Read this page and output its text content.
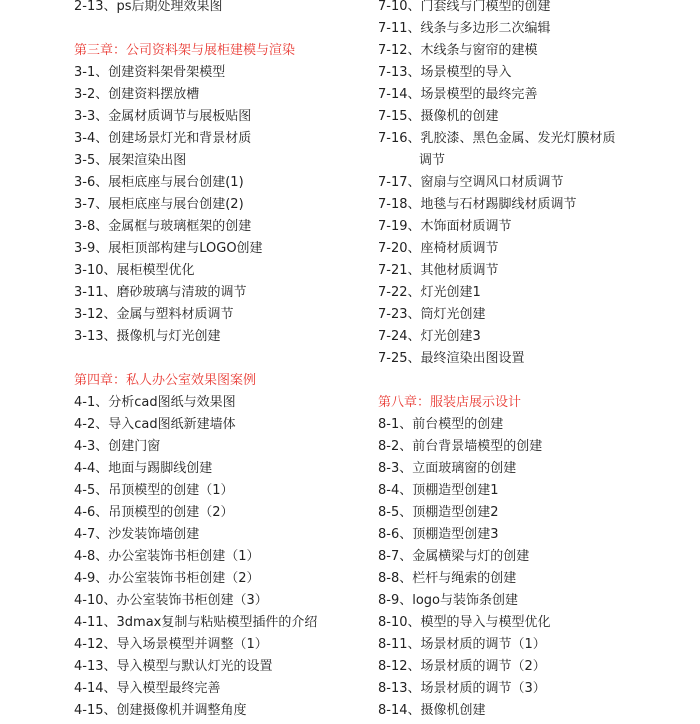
2-13、ps后期处理效果图
第三章：公司资料架与展柜建模与渲染
3-1、创建资料架骨架模型
3-2、创建资料摆放槽
3-3、金属材质调节与展板贴图
3-4、创建场景灯光和背景材质
3-5、展架渲染出图
3-6、展柜底座与展台创建(1)
3-7、展柜底座与展台创建(2)
3-8、金属框与玻璃框架的创建
3-9、展柜顶部构建与LOGO创建
3-10、展柜模型优化
3-11、磨砂玻璃与清玻的调节
3-12、金属与塑料材质调节
3-13、摄像机与灯光创建
第四章：私人办公室效果图案例
4-1、分析cad图纸与效果图
4-2、导入cad图纸新建墙体
4-3、创建门窗
4-4、地面与踢脚线创建
4-5、吊顶模型的创建（1）
4-6、吊顶模型的创建（2）
4-7、沙发装饰墙创建
4-8、办公室装饰书柜创建（1）
4-9、办公室装饰书柜创建（2）
4-10、办公室装饰书柜创建（3）
4-11、3dmax复制与粘贴模型插件的介绍
4-12、导入场景模型并调整（1）
4-13、导入模型与默认灯光的设置
4-14、导入模型最终完善
4-15、创建摄像机并调整角度
7-10、门套线与门模型的创建
7-11、线条与多边形二次编辑
7-12、木线条与窗帘的建模
7-13、场景模型的导入
7-14、场景模型的最终完善
7-15、摄像机的创建
7-16、乳胶漆、黑色金属、发光灯膜材质
调节
7-17、窗扇与空调风口材质调节
7-18、地毯与石材踢脚线材质调节
7-19、木饰面材质调节
7-20、座椅材质调节
7-21、其他材质调节
7-22、灯光创建1
7-23、筒灯光创建
7-24、灯光创建3
7-25、最终渲染出图设置
第八章：服装店展示设计
8-1、前台模型的创建
8-2、前台背景墙模型的创建
8-3、立面玻璃窗的创建
8-4、顶棚造型创建1
8-5、顶棚造型创建2
8-6、顶棚造型创建3
8-7、金属横梁与灯的创建
8-8、栏杆与绳索的创建
8-9、logo与装饰条创建
8-10、模型的导入与模型优化
8-11、场景材质的调节（1）
8-12、场景材质的调节（2）
8-13、场景材质的调节（3）
8-14、摄像机创建
